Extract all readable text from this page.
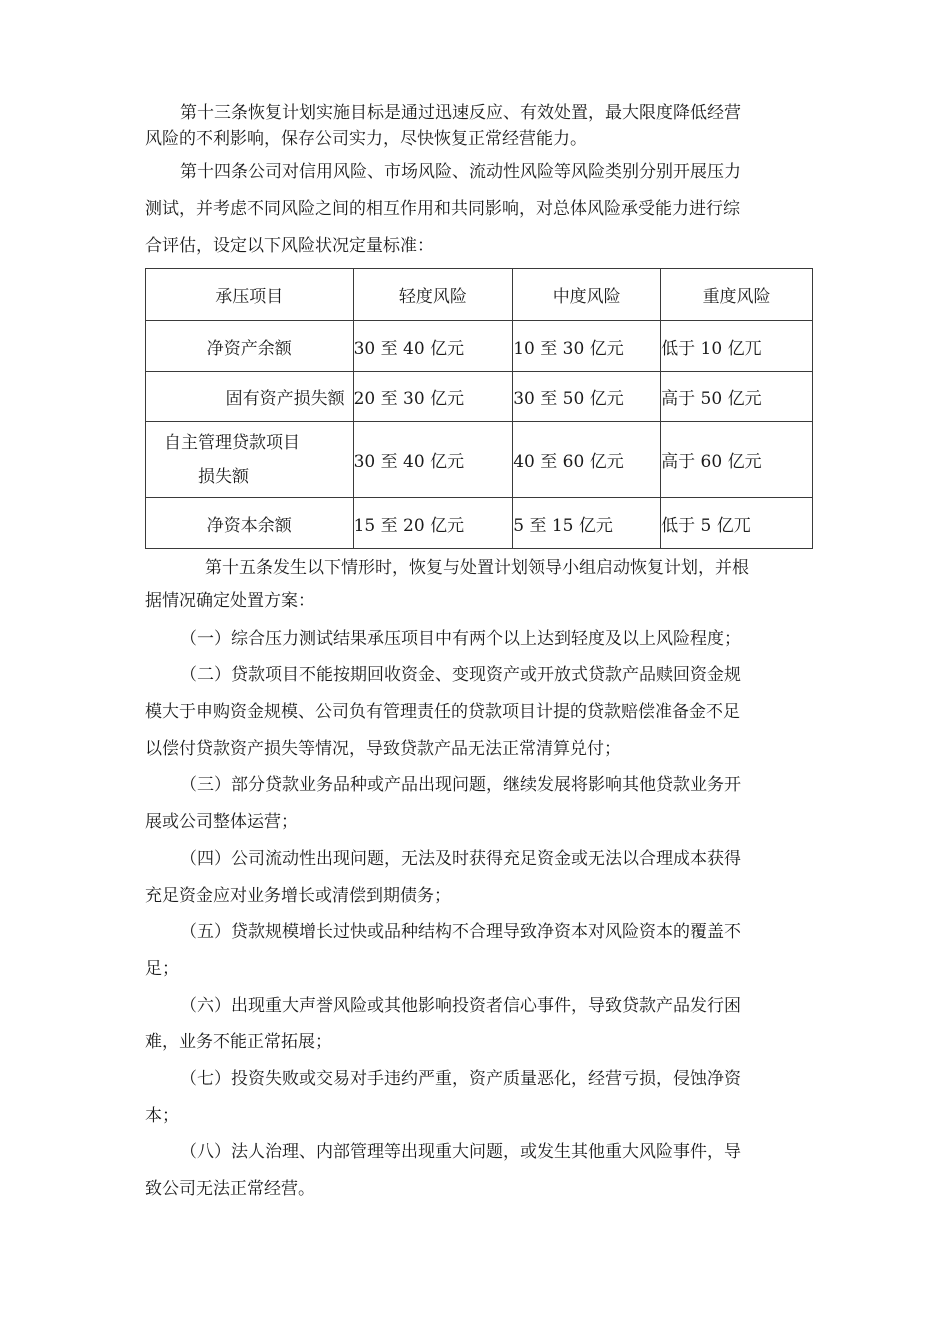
第十三条恢复计划实施目标是通过迅速反应、有效处置，最大限度降低经营
风险的不利影响，保存公司实力，尽快恢复正常经营能力。
第十四条公司对信用风险、市场风险、流动性风险等风险类别分别开展压力
测试，并考虑不同风险之间的相互作用和共同影响，对总体风险承受能力进行综
合评估，设定以下风险状况定量标准：
承压项目	轻度风险	中度风险	重度风险
净资产余额	30 至 40 亿元	10 至 30 亿元	低于 10 亿兀
固有资产损失额	20 至 30 亿元	30 至 50 亿元	高于 50 亿元

自主管理贷款项目
损失额	30 至 40 亿元	40 至 60 亿元	高于 60 亿元
净资本余额	15 至 20 亿元	5 至 15 亿元	低于 5 亿兀
第十五条发生以下情形时，恢复与处置计划领导小组启动恢复计划，并根
据情况确定处置方案：
（一）综合压力测试结果承压项目中有两个以上达到轻度及以上风险程度；
（二）贷款项目不能按期回收资金、变现资产或开放式贷款产品赎回资金规
模大于申购资金规模、公司负有管理责任的贷款项目计提的贷款赔偿准备金不足
以偿付贷款资产损失等情况，导致贷款产品无法正常清算兑付；
（三）部分贷款业务品种或产品出现问题，继续发展将影响其他贷款业务开
展或公司整体运营；
（四）公司流动性出现问题，无法及时获得充足资金或无法以合理成本获得
充足资金应对业务增长或清偿到期债务；
（五）贷款规模增长过快或品种结构不合理导致净资本对风险资本的覆盖不
足；
（六）出现重大声誉风险或其他影响投资者信心事件，导致贷款产品发行困
难，业务不能正常拓展；
（七）投资失败或交易对手违约严重，资产质量恶化，经营亏损，侵蚀净资
本；
（八）法人治理、内部管理等出现重大问题，或发生其他重大风险事件，导
致公司无法正常经营。
